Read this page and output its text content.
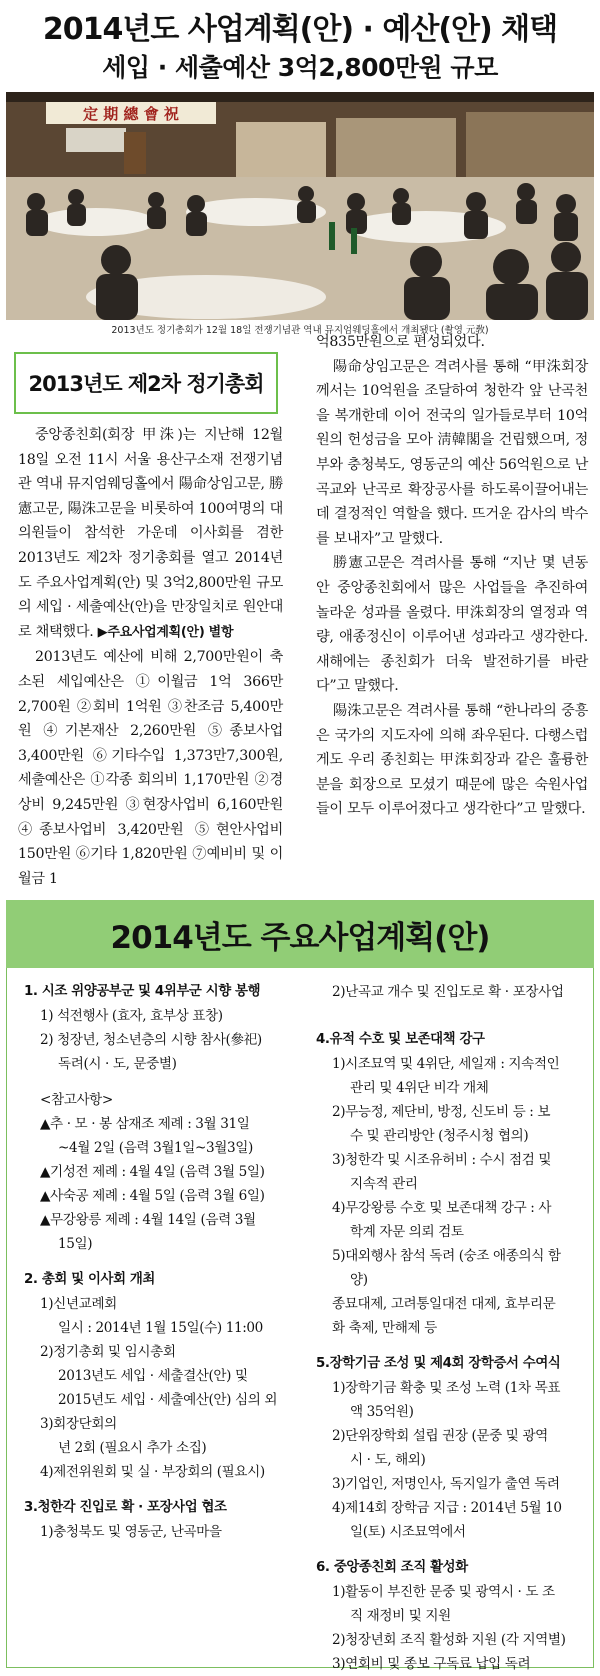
2014년도 사업계획(안) · 예산(안) 채택
세입 · 세출예산 3억2,800만원 규모
定 期 總 會 祝
2013년도 정기총회가 12월 18일 전쟁기념관 역내 뮤지엄웨딩홀에서 개최됐다 (촬영 元敎)
2013년도 제2차 정기총회

중앙종친회(회장 甲洙)는 지난해 12월 18일 오전 11시 서울 용산구소재 전쟁기념관 역내 뮤지엄웨딩홀에서 陽命상임고문, 勝憲고문, 陽洙고문을 비롯하여 100여명의 대의원들이 참석한 가운데 이사회를 겸한 2013년도 제2차 정기총회를 열고 2014년도 주요사업계획(안) 및 3억2,800만원 규모의 세입 · 세출예산(안)을 만장일치로 원안대로 채택했다. ▶주요사업계획(안) 별항

2013년도 예산에 비해 2,700만원이 축소된 세입예산은 ①이월금 1억 366만2,700원 ②회비 1억원 ③찬조금 5,400만원 ④기본재산 2,260만원 ⑤종보사업3,400만원 ⑥기타수입 1,373만7,300원, 세출예산은 ①각종 회의비 1,170만원 ②경상비 9,245만원 ③현장사업비 6,160만원 ④종보사업비 3,420만원 ⑤현안사업비 150만원 ⑥기타 1,820만원 ⑦예비비 및 이월금 1

억835만원으로 편성되었다.

陽命상임고문은 격려사를 통해 “甲洙회장께서는 10억원을 조달하여 청한각 앞 난곡천을 복개한데 이어 전국의 일가들로부터 10억원의 헌성금을 모아 淸韓閣을 건립했으며, 정부와 충청북도, 영동군의 예산 56억원으로 난곡교와 난곡로 확장공사를 하도록이끌어내는데 결정적인 역할을 했다. 뜨거운 감사의 박수를 보내자”고 말했다.

勝憲고문은 격려사를 통해 “지난 몇 년동안 중앙종친회에서 많은 사업들을 추진하여 놀라운 성과를 올렸다. 甲洙회장의 열정과 역량, 애종정신이 이루어낸 성과라고 생각한다. 새해에는 종친회가 더욱 발전하기를 바란다”고 말했다.

陽洙고문은 격려사를 통해 “한나라의 중흥은 국가의 지도자에 의해 좌우된다. 다행스럽게도 우리 종친회는 甲洙회장과 같은 훌륭한 분을 회장으로 모셨기 때문에 많은 숙원사업들이 모두 이루어졌다고 생각한다”고 말했다.

2014년도 주요사업계획(안)
1. 시조 위양공부군 및 4위부군 시향 봉행
1) 석전행사 (효자, 효부상 표창)
2) 청장년, 청소년층의 시향 참사(參祀)
독려(시 · 도, 문중별)
<참고사항>
▲추 · 모 · 봉 삼재조 제례 : 3월 31일
~4월 2일 (음력 3월1일~3월3일)
▲기성전 제례 : 4월 4일 (음력 3월 5일)
▲사숙공 제례 : 4월 5일 (음력 3월 6일)
▲무강왕릉 제례 : 4월 14일 (음력 3월
15일)
2. 총회 및 이사회 개최
1)신년교례회
일시 : 2014년 1월 15일(수) 11:00
2)정기총회 및 임시총회
2013년도 세입 · 세출결산(안) 및
2015년도 세입 · 세출예산(안) 심의 외
3)회장단회의
년 2회 (필요시 추가 소집)
4)제전위원회 및 실 · 부장회의 (필요시)
3.청한각 진입로 확 · 포장사업 협조
1)충청북도 및 영동군, 난곡마을
2)난곡교 개수 및 진입도로 확 · 포장사업
4.유적 수호 및 보존대책 강구
1)시조묘역 및 4위단, 세일재 : 지속적인
관리 및 4위단 비각 개체
2)무능정, 제단비, 방정, 신도비 등 : 보
수 및 관리방안 (청주시청 협의)
3)청한각 및 시조유허비 : 수시 점검 및
지속적 관리
4)무강왕릉 수호 및 보존대책 강구 : 사
학계 자문 의뢰 검토
5)대외행사 참석 독려 (숭조 애종의식 함
양)
종묘대제, 고려통일대전 대제, 효부리문
화 축제, 만해제 등
5.장학기금 조성 및 제4회 장학증서 수여식
1)장학기금 확충 및 조성 노력 (1차 목표
액 35억원)
2)단위장학회 설립 권장 (문중 및 광역
시 · 도, 해외)
3)기업인, 저명인사, 독지일가 출연 독려
4)제14회 장학금 지급 : 2014년 5월 10
일(토) 시조묘역에서
6. 중앙종친회 조직 활성화
1)활동이 부진한 문중 및 광역시 · 도 조
직 재정비 및 지원
2)청장년회 조직 활성화 지원 (각 지역별)
3)연회비 및 종보 구독료 납입 독려
